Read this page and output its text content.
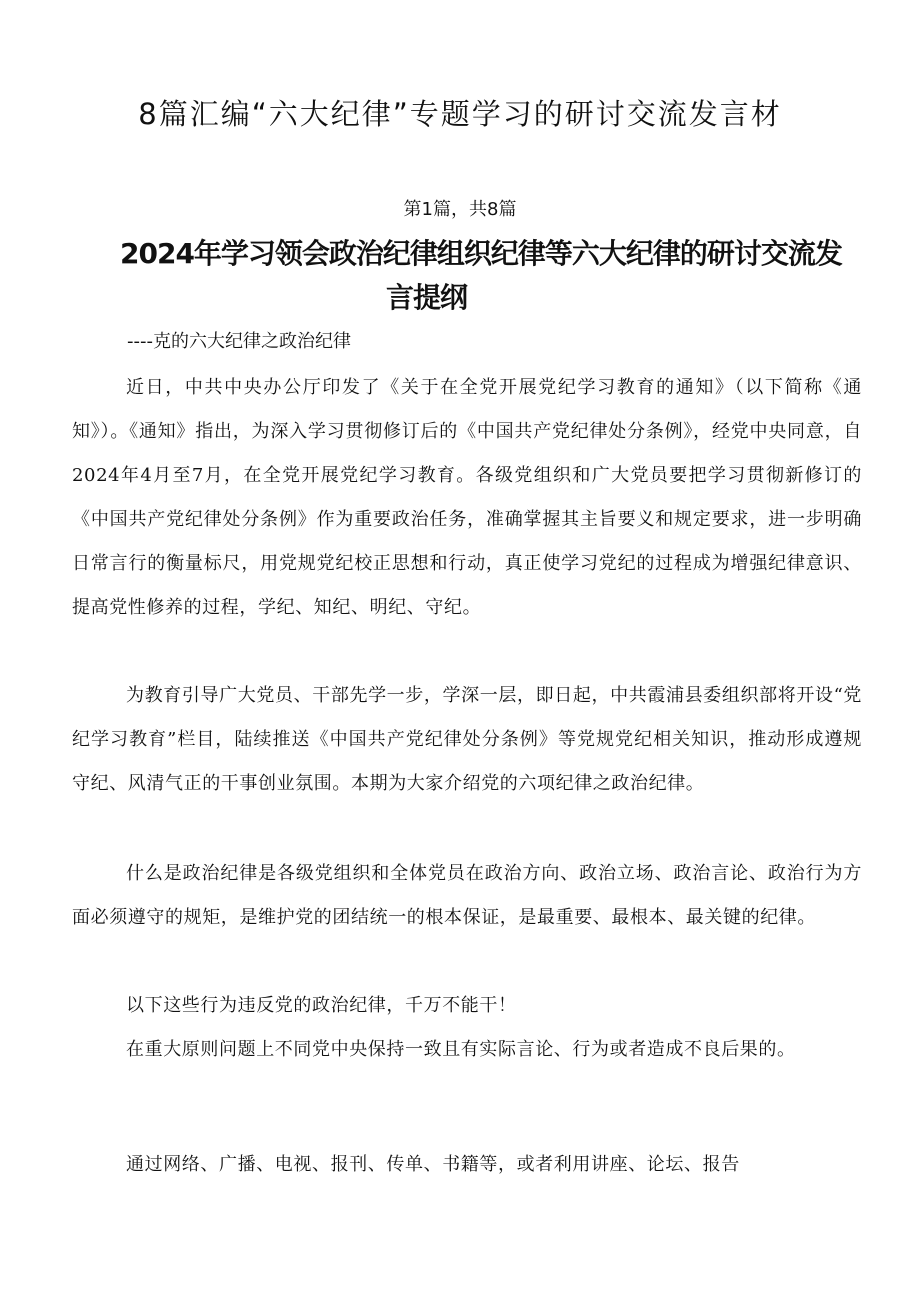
8篇汇编“六大纪律”专题学习的研讨交流发言材
第1篇，共8篇
2024年学习领会政治纪律组织纪律等六大纪律的研讨交流发
言提纲
----克的六大纪律之政治纪律

近日，中共中央办公厅印发了《关于在全党开展党纪学习教育的通知》（以下简称《通知》）。《通知》指出，为深入学习贯彻修订后的《中国共产党纪律处分条例》，经党中央同意，自2024年4月至7月，在全党开展党纪学习教育。各级党组织和广大党员要把学习贯彻新修订的《中国共产党纪律处分条例》作为重要政治任务，准确掌握其主旨要义和规定要求，进一步明确日常言行的衡量标尺，用党规党纪校正思想和行动，真正使学习党纪的过程成为增强纪律意识、提高党性修养的过程，学纪、知纪、明纪、守纪。

为教育引导广大党员、干部先学一步，学深一层，即日起，中共霞浦县委组织部将开设“党纪学习教育”栏目，陆续推送《中国共产党纪律处分条例》等党规党纪相关知识，推动形成遵规守纪、风清气正的干事创业氛围。本期为大家介绍党的六项纪律之政治纪律。

什么是政治纪律是各级党组织和全体党员在政治方向、政治立场、政治言论、政治行为方面必须遵守的规矩，是维护党的团结统一的根本保证，是最重要、最根本、最关键的纪律。

以下这些行为违反党的政治纪律，千万不能干！

在重大原则问题上不同党中央保持一致且有实际言论、行为或者造成不良后果的。

通过网络、广播、电视、报刊、传单、书籍等，或者利用讲座、论坛、报告
